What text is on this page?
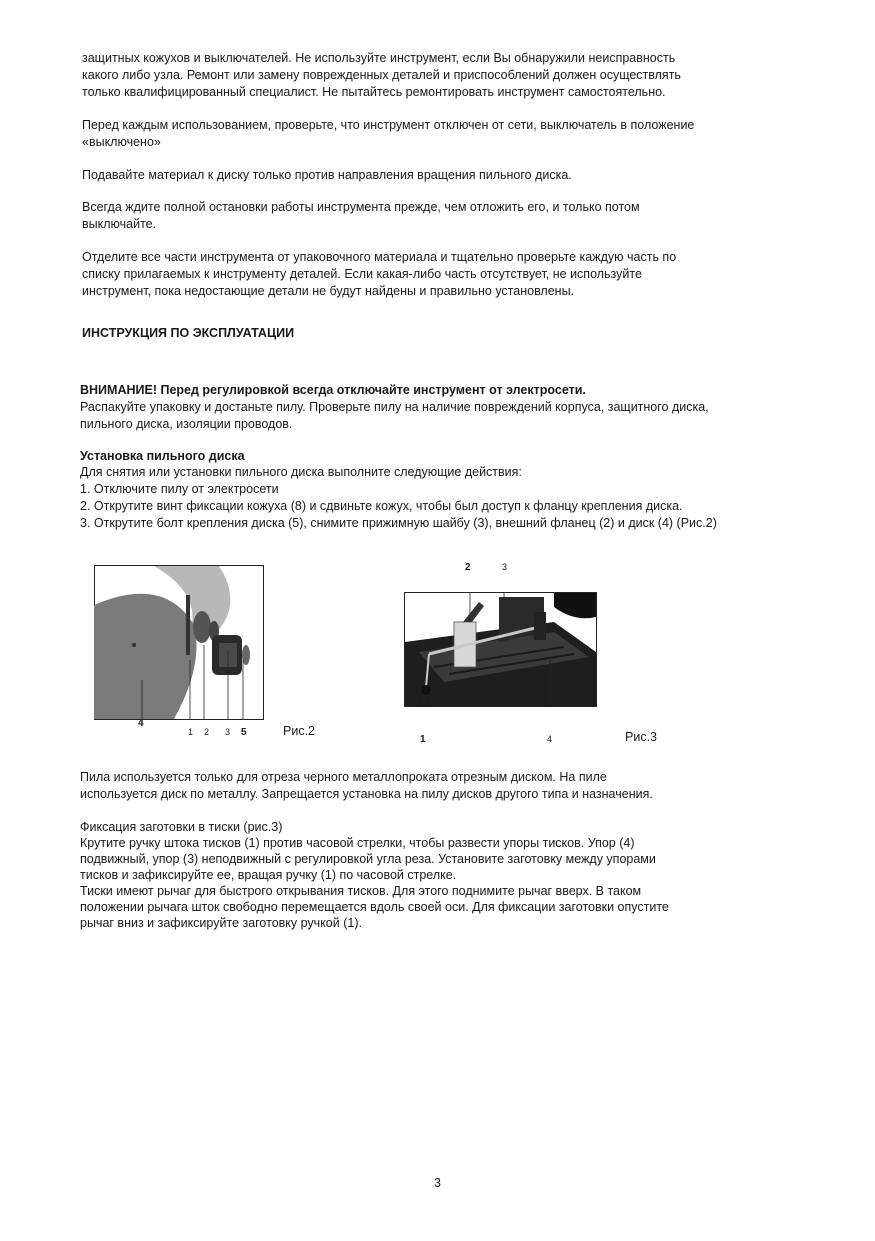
защитных кожухов и выключателей. Не используйте инструмент, если Вы обнаружили неисправность
какого либо узла. Ремонт или замену поврежденных деталей и приспособлений должен осуществлять
только квалифицированный специалист. Не пытайтесь ремонтировать инструмент самостоятельно.
Перед каждым использованием, проверьте, что инструмент отключен от сети, выключатель в положение
«выключено»
Подавайте материал к диску только против направления вращения пильного диска.
Всегда ждите полной остановки работы инструмента прежде, чем отложить его, и только потом
выключайте.
Отделите все части инструмента от упаковочного материала и тщательно проверьте каждую часть по
списку прилагаемых к инструменту деталей. Если какая-либо часть отсутствует, не используйте
инструмент, пока недостающие детали не будут найдены и правильно установлены.
ИНСТРУКЦИЯ ПО ЭКСПЛУАТАЦИИ
ВНИМАНИЕ! Перед регулировкой всегда отключайте инструмент от электросети.
Распакуйте упаковку и достаньте пилу. Проверьте пилу на наличие повреждений корпуса, защитного диска,
пильного диска, изоляции проводов.
Установка пильного диска
Для снятия или установки пильного диска выполните следующие действия:
1. Отключите пилу от электросети
2. Открутите винт фиксации кожуха (8) и сдвиньте кожух, чтобы был доступ к фланцу крепления диска.
3. Открутите болт крепления диска (5), снимите прижимную шайбу (3), внешний фланец (2) и диск (4) (Рис.2)
4
1 2 3 5	Рис.2
2	3
1	4	Рис.3
Пила используется только для отреза черного металлопроката отрезным диском. На пиле
используется диск по металлу. Запрещается установка на пилу дисков другого типа и назначения.
Фиксация заготовки в тиски (рис.3)
Крутите ручку штока тисков (1) против часовой стрелки, чтобы развести упоры тисков. Упор (4)
подвижный, упор (3) неподвижный с регулировкой угла реза. Установите заготовку между упорами
тисков и зафиксируйте ее, вращая ручку (1) по часовой стрелке.
Тиски имеют рычаг для быстрого открывания тисков. Для этого поднимите рычаг вверх. В таком
положении рычага шток свободно перемещается вдоль своей оси. Для фиксации заготовки опустите
рычаг вниз и зафиксируйте заготовку ручкой (1).
3
